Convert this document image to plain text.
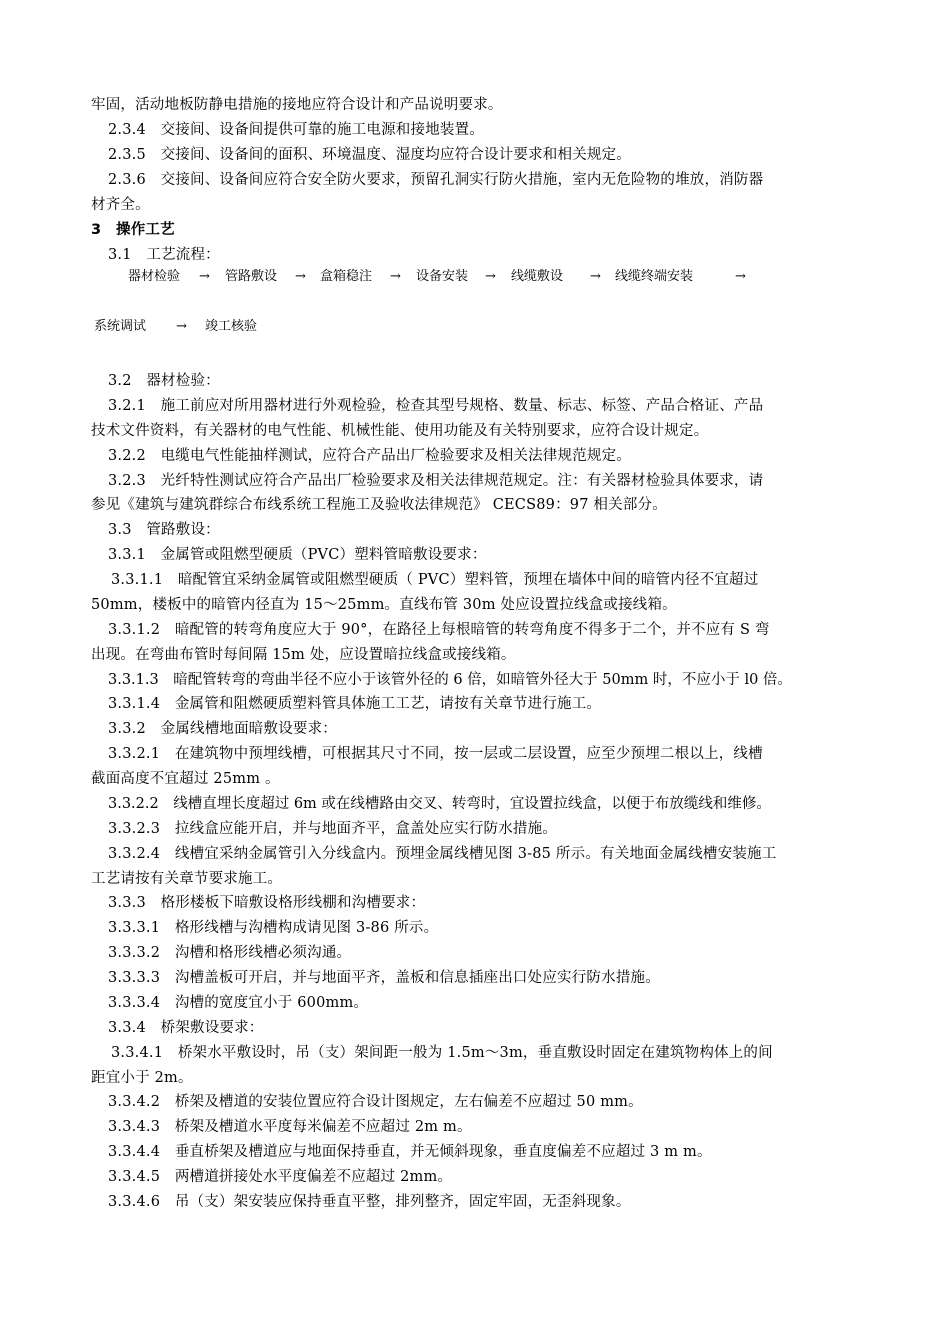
牢固，活动地板防静电措施的接地应符合设计和产品说明要求。
2.3.4　交接间、设备间提供可靠的施工电源和接地装置。
2.3.5　交接间、设备间的面积、环境温度、湿度均应符合设计要求和相关规定。
2.3.6　交接间、设备间应符合安全防火要求，预留孔洞实行防火措施，室内无危险物的堆放，消防器
材齐全。
3　操作工艺
3.1　工艺流程：
器材检验 → 管路敷设 → 盒箱稳注 → 设备安装 → 线缆敷设 → 线缆终端安装	→
系统调试 → 竣工核验
3.2　器材检验：
3.2.1　施工前应对所用器材进行外观检验，检查其型号规格、数量、标志、标签、产品合格证、产品
技术文件资料，有关器材的电气性能、机械性能、使用功能及有关特别要求，应符合设计规定。
3.2.2　电缆电气性能抽样测试，应符合产品出厂检验要求及相关法律规范规定。
3.2.3　光纤特性测试应符合产品出厂检验要求及相关法律规范规定。注：有关器材检验具体要求，请
参见《建筑与建筑群综合布线系统工程施工及验收法律规范》 CECS89：97 相关部分。
3.3　管路敷设：
3.3.1　金属管或阻燃型硬质（PVC）塑料管暗敷设要求：
3.3.1.1　暗配管宜采纳金属管或阻燃型硬质（ PVC）塑料管，预埋在墙体中间的暗管内径不宜超过
50mm，楼板中的暗管内径直为 15～25mm。直线布管 30m 处应设置拉线盒或接线箱。
3.3.1.2　暗配管的转弯角度应大于 90°，在路径上每根暗管的转弯角度不得多于二个，并不应有 S 弯
出现。在弯曲布管时每间隔 15m 处，应设置暗拉线盒或接线箱。
3.3.1.3　暗配管转弯的弯曲半径不应小于该管外径的 6 倍，如暗管外径大于 50mm 时，不应小于 l0 倍。
3.3.1.4　金属管和阻燃硬质塑料管具体施工工艺，请按有关章节进行施工。
3.3.2　金属线槽地面暗敷设要求：
3.3.2.1　在建筑物中预埋线槽，可根据其尺寸不同，按一层或二层设置，应至少预埋二根以上，线槽
截面高度不宜超过 25mm 。
3.3.2.2　线槽直埋长度超过 6m 或在线槽路由交叉、转弯时，宜设置拉线盒，以便于布放缆线和维修。
3.3.2.3　拉线盒应能开启，并与地面齐平，盒盖处应实行防水措施。
3.3.2.4　线槽宜采纳金属管引入分线盒内。预埋金属线槽见图 3-85 所示。有关地面金属线槽安装施工
工艺请按有关章节要求施工。
3.3.3　格形楼板下暗敷设格形线棚和沟槽要求：
3.3.3.1　格形线槽与沟槽构成请见图 3-86 所示。
3.3.3.2　沟槽和格形线槽必须沟通。
3.3.3.3　沟槽盖板可开启，并与地面平齐，盖板和信息插座出口处应实行防水措施。
3.3.3.4　沟槽的宽度宜小于 600mm。
3.3.4　桥架敷设要求：
3.3.4.1　桥架水平敷设时，吊（支）架间距一般为 1.5m～3m，垂直敷设时固定在建筑物构体上的间
距宜小于 2m。
3.3.4.2　桥架及槽道的安装位置应符合设计图规定，左右偏差不应超过 50 mm。
3.3.4.3　桥架及槽道水平度每米偏差不应超过 2m m。
3.3.4.4　垂直桥架及槽道应与地面保持垂直，并无倾斜现象，垂直度偏差不应超过 3 m m。
3.3.4.5　两槽道拼接处水平度偏差不应超过 2mm。
3.3.4.6　吊（支）架安装应保持垂直平整，排列整齐，固定牢固，无歪斜现象。
